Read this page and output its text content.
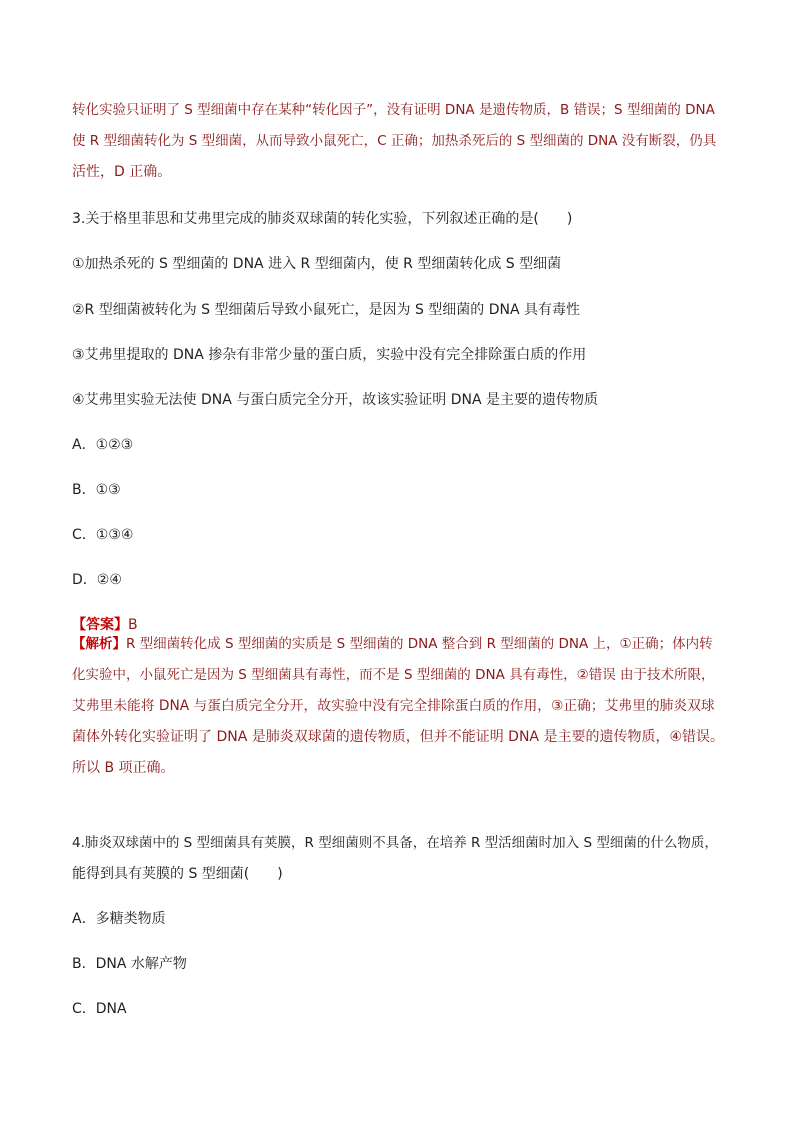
转化实验只证明了 S 型细菌中存在某种“转化因子”，没有证明 DNA 是遗传物质，B 错误；S 型细菌的 DNA

使 R 型细菌转化为 S 型细菌，从而导致小鼠死亡，C 正确；加热杀死后的 S 型细菌的 DNA 没有断裂，仍具

活性，D 正确。

3.关于格里菲思和艾弗里完成的肺炎双球菌的转化实验，下列叙述正确的是(　　)

①加热杀死的 S 型细菌的 DNA 进入 R 型细菌内，使 R 型细菌转化成 S 型细菌

②R 型细菌被转化为 S 型细菌后导致小鼠死亡，是因为 S 型细菌的 DNA 具有毒性

③艾弗里提取的 DNA 掺杂有非常少量的蛋白质，实验中没有完全排除蛋白质的作用

④艾弗里实验无法使 DNA 与蛋白质完全分开，故该实验证明 DNA 是主要的遗传物质

A．①②③

B．①③

C．①③④

D．②④

【答案】B

【解析】R 型细菌转化成 S 型细菌的实质是 S 型细菌的 DNA 整合到 R 型细菌的 DNA 上，①正确；体内转

化实验中，小鼠死亡是因为 S 型细菌具有毒性，而不是 S 型细菌的 DNA 具有毒性，②错误 由于技术所限，

艾弗里未能将 DNA 与蛋白质完全分开，故实验中没有完全排除蛋白质的作用，③正确；艾弗里的肺炎双球

菌体外转化实验证明了 DNA 是肺炎双球菌的遗传物质，但并不能证明 DNA 是主要的遗传物质，④错误。

所以 B 项正确。

4.肺炎双球菌中的 S 型细菌具有荚膜，R 型细菌则不具备，在培养 R 型活细菌时加入 S 型细菌的什么物质，

能得到具有荚膜的 S 型细菌(　　)

A．多糖类物质

B．DNA 水解产物

C．DNA
